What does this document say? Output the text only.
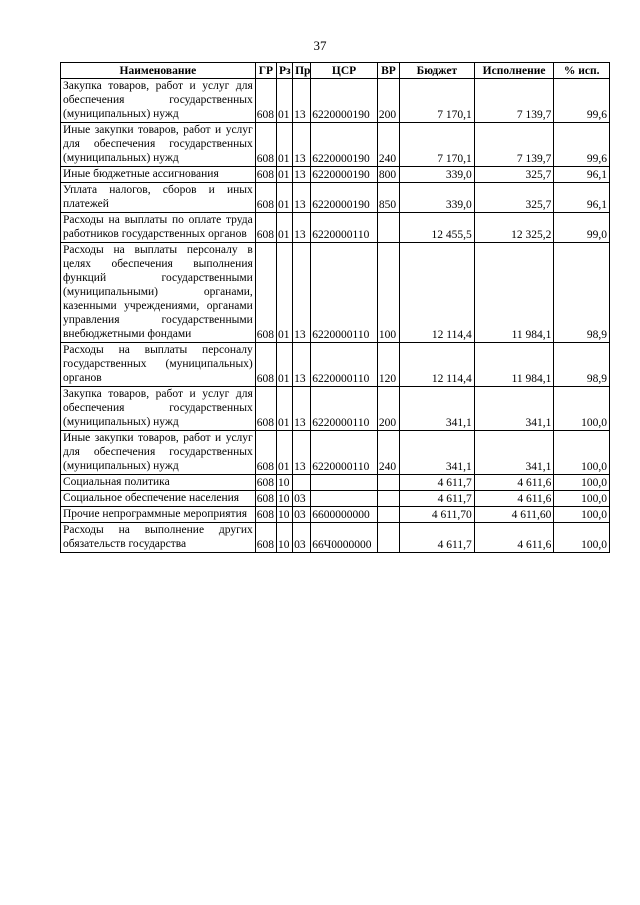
37
Наименование	ГР	Рз	Пр	ЦСР	ВР	Бюджет	Исполнение	% исп.
Закупка товаров, работ и услуг для обеспечения государственных (муниципальных) нужд	608	01	13	6220000190	200	7 170,1	7 139,7	99,6
Иные закупки товаров, работ и услуг для обеспечения государственных (муниципальных) нужд	608	01	13	6220000190	240	7 170,1	7 139,7	99,6
Иные бюджетные ассигнования	608	01	13	6220000190	800	339,0	325,7	96,1
Уплата налогов, сборов и иных платежей	608	01	13	6220000190	850	339,0	325,7	96,1
Расходы на выплаты по оплате труда работников государственных органов	608	01	13	6220000110		12 455,5	12 325,2	99,0
Расходы на выплаты персоналу в целях обеспечения выполнения функций государственными (муниципальными) органами, казенными учреждениями, органами управления государственными внебюджетными фондами	608	01	13	6220000110	100	12 114,4	11 984,1	98,9
Расходы на выплаты персоналу государственных (муниципальных) органов	608	01	13	6220000110	120	12 114,4	11 984,1	98,9
Закупка товаров, работ и услуг для обеспечения государственных (муниципальных) нужд	608	01	13	6220000110	200	341,1	341,1	100,0
Иные закупки товаров, работ и услуг для обеспечения государственных (муниципальных) нужд	608	01	13	6220000110	240	341,1	341,1	100,0
Социальная политика	608	10				4 611,7	4 611,6	100,0
Социальное обеспечение населения	608	10	03			4 611,7	4 611,6	100,0
Прочие непрограммные мероприятия	608	10	03	6600000000		4 611,70	4 611,60	100,0
Расходы на выполнение других обязательств государства	608	10	03	66Ч0000000		4 611,7	4 611,6	100,0
